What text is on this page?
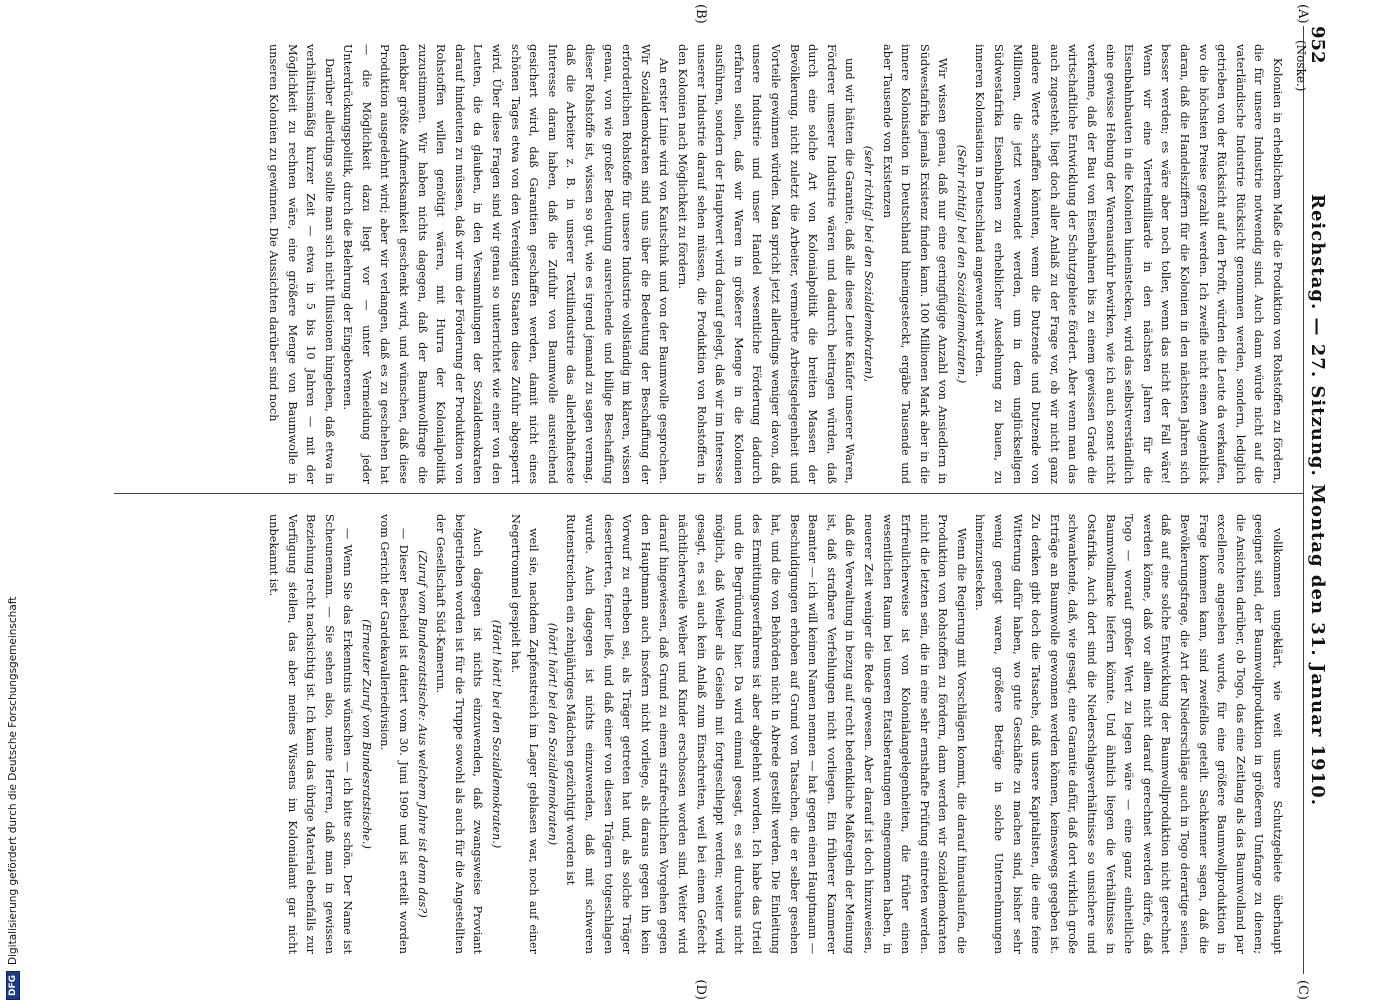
952
Reichstag. — 27. Sitzung. Montag den 31. Januar 1910.
(Noske.)
(A)
(B)
(C)
(D)

Kolonien in erheblichem Maße die Produktion von Rohstoffen zu fördern, die für unsere Industrie notwendig sind. Auch dann würde nicht auf die vaterländische Industrie Rücksicht genommen werden, sondern, lediglich getrieben von der Rücksicht auf den Profit, würden die Leute da verkaufen, wo die höchsten Preise gezahlt werden. Ich zweifle nicht einen Augenblick daran, daß die Handelsziffern für die Kolonien in den nächsten Jahren sich besser werden; es wäre aber noch toller, wenn das nicht der Fall wäre! Wenn wir eine Viertelmilliarde in den nächsten Jahren für die Eisenbahnbauten in die Kolonien hineinstecken, wird das selbstverständlich eine gewisse Hebung der Warenausfuhr bewirken, wie ich auch sonst nicht verkenne, daß der Bau von Eisenbahnen bis zu einem gewissen Grade die wirtschaftliche Entwicklung der Schutzgebiete fördert. Aber wenn man das auch zugesteht, liegt doch aller Anlaß zu der Frage vor, ob wir nicht ganz andere Werte schaffen könnten, wenn die Dutzende und Dutzende von Millionen, die jetzt verwendet werden, um in dem unglückseligen Südwestafrika Eisenbahnen zu erheblicher Ausdehnung zu bauen, zu inneren Kolonisation in Deutschland angewendet würden.

(Sehr richtig! bei den Sozialdemokraten.)

Wir wissen genau, daß nur eine geringfügige Anzahl von Ansiedlern in Südwestafrika jemals Existenz finden kann. 100 Millionen Mark aber in die innere Kolonisation in Deutschland hineingesteckt, ergäbe Tausende und aber Tausende von Existenzen

(sehr richtig! bei den Sozialdemokraten),

und wir hätten die Garantie, daß alle diese Leute Käufer unserer Waren, Förderer unserer Industrie wären und dadurch beitragen würden, daß durch eine solche Art von Kolonialpolitik die breiten Massen der Bevölkerung, nicht zuletzt die Arbeiter, vermehrte Arbeitsgelegenheit und Vorteile gewinnen würden. Man spricht jetzt allerdings weniger davon, daß unsere Industrie und unser Handel wesentliche Förderung dadurch erfahren sollen, daß wir Waren in größerer Menge in die Kolonien ausführen, sondern der Hauptwert wird darauf gelegt, daß wir im Interesse unserer Industrie darauf sehen müssen, die Produktion von Rohstoffen in den Kolonien nach Möglichkeit zu fördern.

An erster Linie wird von Kautschuk und von der Baumwolle gesprochen. Wir Sozialdemokraten sind uns über die Bedeutung der Beschaffung der erforderlichen Rohstoffe für unsere Industrie vollständig im klaren, wissen genau, von wie großer Bedeutung ausreichende und billige Beschaffung dieser Rohstoffe ist, wissen so gut, wie es irgend jemand zu sagen vermag, daß die Arbeiter z. B. in unserer Textilindustrie das allerlebhafteste Interesse daran haben, daß die Zufuhr von Baumwolle ausreichend gesichert wird, daß Garantien geschaffen werden, damit nicht eines schönen Tages etwa von den Vereinigten Staaten diese Zufuhr abgesperrt wird. Über diese Fragen sind wir genau so unterrichtet wie einer von den Leuten, die da glauben, in den Versammlungen der Sozialdemokraten darauf hindeuten zu müssen, daß wir um der Förderung der Produktion von Rohstoffen willen genötigt wären, mit Hurra der Kolonialpolitik zuzustimmen. Wir haben nichts dagegen, daß der Baumwollfrage die denkbar größte Aufmerksamkeit geschenkt wird, und wünschen, daß diese Produktion ausgedehnt wird; aber wir verlangen, daß es zu geschehen hat — die Möglichkeit dazu liegt vor — unter Vermeidung jeder Unterdrückungspolitik, durch die Belehrung der Eingeborenen.

Darüber allerdings sollte man sich nicht Illusionen hingeben, daß etwa in verhältnismäßig kurzer Zeit — etwa in 5 bis 10 Jahren — mit der Möglichkeit zu rechnen wäre, eine größere Menge von Baumwolle in unseren Kolonien zu gewinnen. Die Aussichten darüber sind noch

vollkommen ungeklärt, wie weit unsere Schutzgebiete überhaupt geeignet sind, der Baumwollproduktion in größerem Umfange zu dienen; die Ansichten darüber, ob Togo, das eine Zeitlang als das Baumwolland par excellence angesehen wurde, für eine größere Baumwollproduktion in Frage kommen kann, sind zweifellos geteilt. Sachkenner sagen, daß die Bevölkerungsfrage, die Art der Niederschläge auch in Togo derartige seien, daß auf eine solche Entwicklung der Baumwollproduktion nicht gerechnet werden könne, daß vor allem nicht darauf gerechnet werden dürfe, daß Togo — worauf großer Wert zu legen wäre — eine ganz einheitliche Baumwollmarke liefern könnte. Und ähnlich liegen die Verhältnisse in Ostafrika. Auch dort sind die Niederschlagsverhältnisse so unsichere und schwankende, daß, wie gesagt, eine Garantie dafür, daß dort wirklich große Erträge an Baumwolle gewonnen werden können, keineswegs gegeben ist. Zu denken gibt doch die Tatsache, daß unsere Kapitalisten, die eine feine Witterung dafür haben, wo gute Geschäfte zu machen sind, bisher sehr wenig geneigt waren, größere Beträge in solche Unternehmungen hineinzustecken.

Wenn die Regierung mit Vorschlägen kommt, die darauf hinauslaufen, die Produktion von Rohstoffen zu fördern, dann werden wir Sozialdemokraten nicht die letzten sein, die in eine sehr ernsthafte Prüfung eintreten werden. Erfreulicherweise ist von Kolonialangelegenheiten, die früher einen wesentlichen Raum bei unseren Etatsberatungen eingenommen haben, in neuerer Zeit weniger die Rede gewesen. Aber darauf ist doch hinzuweisen, daß die Verwaltung in bezug auf recht bedenkliche Maßregeln der Meinung ist, daß strafbare Verfehlungen nicht vorliegen. Ein früherer Kammerer Beamter — ich will keinen Namen nennen — hat gegen einen Hauptmann — Beschuldigungen erhoben auf Grund von Tatsachen, die er selber gesehen hat, und die von Behörden nicht in Abrede gestellt werden. Die Einleitung des Ermittlungsverfahrens ist aber abgelehnt worden. Ich habe das Urteil und die Begründung hier. Da wird einmal gesagt, es sei durchaus nicht möglich, daß Weiber als Geiseln mit fortgeschleppt werden; weiter wird gesagt, es sei auch kein Anlaß zum Einschreiten, weil bei einem Gefecht nächtlicherweile Weiber und Kinder erschossen worden sind. Weiter wird darauf hingewiesen, daß Grund zu einem strafrechtlichen Vorgehen gegen den Hauptmann auch insofern nicht vorliege, als daraus gegen ihn kein Vorwurf zu erheben sei, als Träger getreten hat und, als solche Träger desertierten, ferner ließ, und daß einer von diesen Trägern totgeschlagen wurde. Auch dagegen ist nichts einzuwenden, daß mit schweren Rutenstreichen ein zehnjähriges Mädchen gezüchtigt worden ist

(hört! hört! bei den Sozialdemokraten)

weil sie, nachdem Zapfenstreich im Lager geblasen war, noch auf einer Negertrommel gespielt hat.

(Hört! hört! bei den Sozialdemokraten.)

Auch dagegen ist nichts einzuwenden, daß zwangsweise Proviant beigetrieben worden ist für die Truppe sowohl als auch für die Angestellten der Gesellschaft Süd-Kamerun.

(Zuruf vom Bundesratstische: Aus welchem Jahre ist denn das?)

— Dieser Bescheid ist datiert vom 30. Juni 1909 und ist erteilt worden vom Gericht der Gardekavalleriedivision.

(Erneuter Zuruf vom Bundesratstische.)

— Wenn Sie das Erkenntnis wünschen — ich bitte schön. Der Name ist Scheunemann. — Sie sehen also, meine Herren, daß man in gewissen Beziehung recht nachsichtig ist. Ich kann das übrige Material ebenfalls zur Verfügung stellen, das aber meines Wissens im Kolonialamt gar nicht unbekannt ist.

DFG
Digitalisierung gefördert durch die Deutsche Forschungsgemeinschaft
